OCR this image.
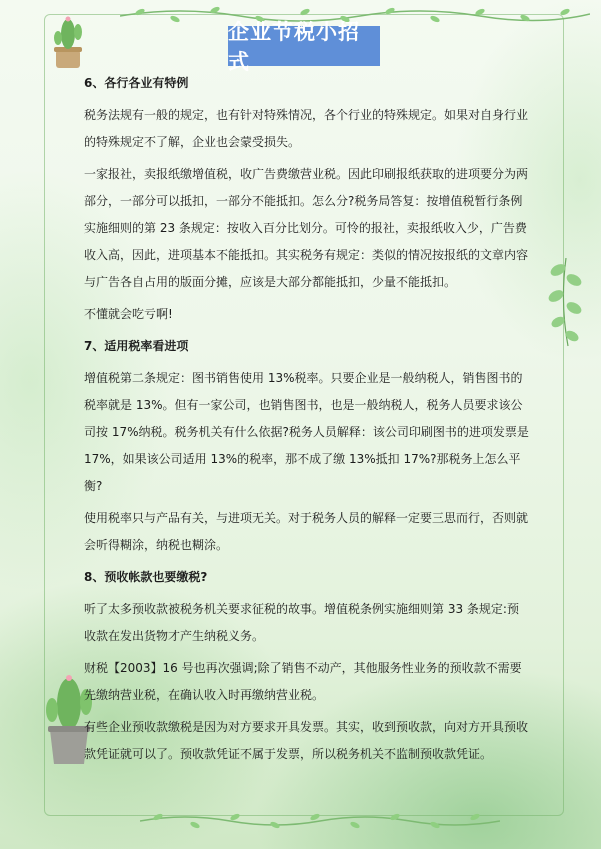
企业节税小招式
6、各行各业有特例

税务法规有一般的规定，也有针对特殊情况，各个行业的特殊规定。如果对自身行业的特殊规定不了解，企业也会蒙受损失。

一家报社，卖报纸缴增值税，收广告费缴营业税。因此印刷报纸获取的进项要分为两部分，一部分可以抵扣，一部分不能抵扣。怎么分?税务局答复：按增值税暂行条例实施细则的第 23 条规定：按收入百分比划分。可怜的报社，卖报纸收入少，广告费收入高，因此，进项基本不能抵扣。其实税务有规定：类似的情况按报纸的文章内容与广告各自占用的版面分摊，应该是大部分都能抵扣，少量不能抵扣。

不懂就会吃亏啊!

7、适用税率看进项

增值税第二条规定：图书销售使用 13%税率。只要企业是一般纳税人，销售图书的税率就是 13%。但有一家公司，也销售图书，也是一般纳税人，税务人员要求该公司按 17%纳税。税务机关有什么依据?税务人员解释：该公司印刷图书的进项发票是 17%，如果该公司适用 13%的税率，那不成了缴 13%抵扣 17%?那税务上怎么平衡?

使用税率只与产品有关，与进项无关。对于税务人员的解释一定要三思而行，否则就会听得糊涂，纳税也糊涂。

8、预收帐款也要缴税?

听了太多预收款被税务机关要求征税的故事。增值税条例实施细则第 33 条规定:预收款在发出货物才产生纳税义务。

财税【2003】16 号也再次强调;除了销售不动产，其他服务性业务的预收款不需要先缴纳营业税，在确认收入时再缴纳营业税。

有些企业预收款缴税是因为对方要求开具发票。其实，收到预收款，向对方开具预收款凭证就可以了。预收款凭证不属于发票，所以税务机关不监制预收款凭证。
